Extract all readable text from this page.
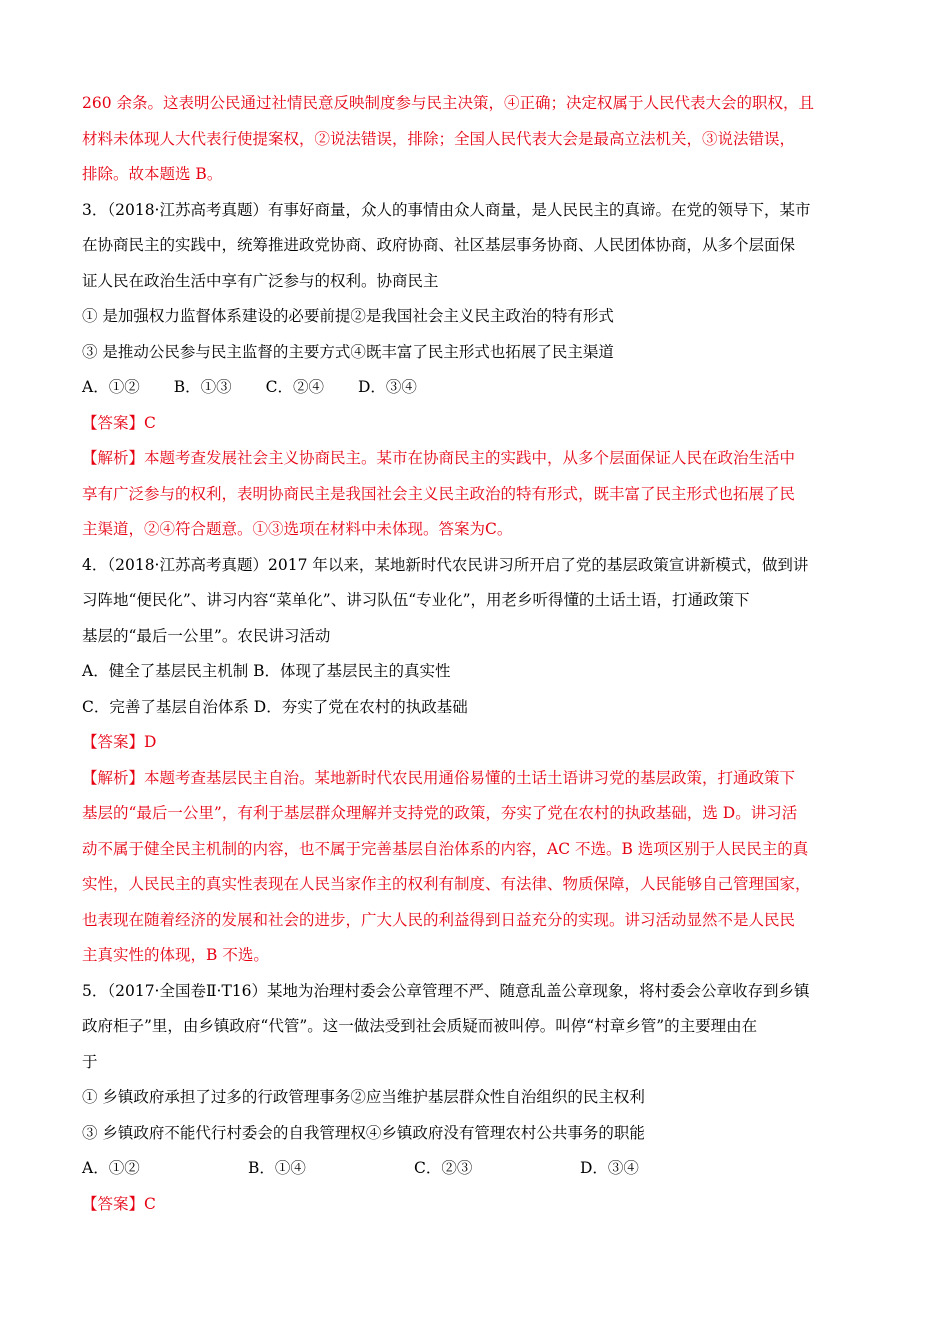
260 余条。这表明公民通过社情民意反映制度参与民主决策，④正确；决定权属于人民代表大会的职权，且
材料未体现人大代表行使提案权，②说法错误，排除；全国人民代表大会是最高立法机关，③说法错误，
排除。故本题选 B。
3．（2018·江苏高考真题）有事好商量，众人的事情由众人商量，是人民民主的真谛。在党的领导下，某市
在协商民主的实践中，统筹推进政党协商、政府协商、社区基层事务协商、人民团体协商，从多个层面保
证人民在政治生活中享有广泛参与的权利。协商民主
① 是加强权力监督体系建设的必要前提②是我国社会主义民主政治的特有形式
③ 是推动公民参与民主监督的主要方式④既丰富了民主形式也拓展了民主渠道
A．①② B．①③ C．②④ D．③④
【答案】C
【解析】本题考查发展社会主义协商民主。某市在协商民主的实践中，从多个层面保证人民在政治生活中
享有广泛参与的权利，表明协商民主是我国社会主义民主政治的特有形式，既丰富了民主形式也拓展了民
主渠道，②④符合题意。①③选项在材料中未体现。答案为C。
4．（2018·江苏高考真题）2017 年以来，某地新时代农民讲习所开启了党的基层政策宣讲新模式，做到讲
习阵地“便民化”、讲习内容“菜单化”、讲习队伍“专业化”，用老乡听得懂的土话土语，打通政策下
基层的“最后一公里”。农民讲习活动
A．健全了基层民主机制 B．体现了基层民主的真实性
C．完善了基层自治体系 D．夯实了党在农村的执政基础
【答案】D
【解析】本题考查基层民主自治。某地新时代农民用通俗易懂的土话土语讲习党的基层政策，打通政策下
基层的“最后一公里”，有利于基层群众理解并支持党的政策，夯实了党在农村的执政基础，选 D。讲习活
动不属于健全民主机制的内容，也不属于完善基层自治体系的内容，AC 不选。B 选项区别于人民民主的真
实性，人民民主的真实性表现在人民当家作主的权利有制度、有法律、物质保障，人民能够自己管理国家，
也表现在随着经济的发展和社会的进步，广大人民的利益得到日益充分的实现。讲习活动显然不是人民民
主真实性的体现，B 不选。
5．（2017·全国卷Ⅱ·T16）某地为治理村委会公章管理不严、随意乱盖公章现象，将村委会公章收存到乡镇
政府柜子”里，由乡镇政府“代管”。这一做法受到社会质疑而被叫停。叫停“村章乡管”的主要理由在
于
① 乡镇政府承担了过多的行政管理事务②应当维护基层群众性自治组织的民主权利
③ 乡镇政府不能代行村委会的自我管理权④乡镇政府没有管理农村公共事务的职能
A．①②	B．①④	C．②③	D．③④
【答案】C
